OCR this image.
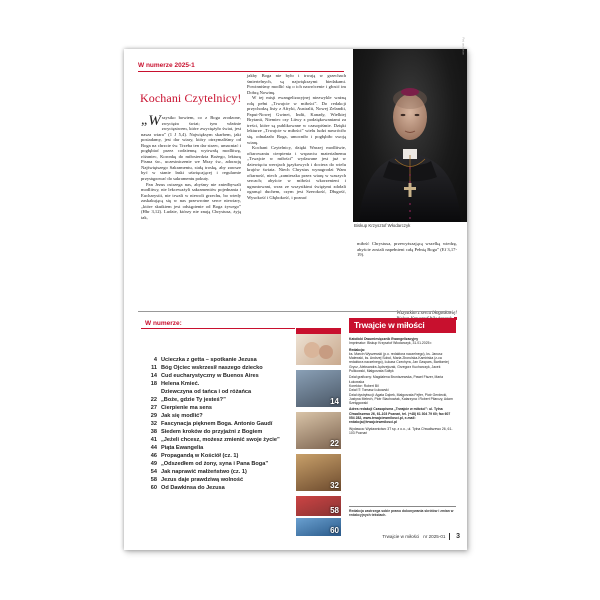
W numerze 2025-1
Kochani Czytelnicy!

„ W szystko bowiem, co z Boga zrodzone, zwycięża świat; tym właśnie zwycięstwem, które zwyciężyło świat, jest nasza wiara” (1 J 5,4). Najwięksym skarbem, jaki posiadamy, jest dar wiary, który otrzymaliśmy od Boga na chrzcie św. Trzeba ten dar strzec, umacniać i pogłębiać przez codzienną wytrwałą modlitwę, różaniec, Koronkę do miłosierdzia Bożego, lekturę Pisma św., uczestniczenie we Mszy św., adorację Najświętszego Sakramentu, stałą troskę, aby zawsze być w stanie łaski uświęcającej i regularnie przystępować do sakramentu pokuty.

Pan Jezus ostrzega nas, abyśmy nie zniedbywali modlitwy, nie lekceważyli sakramentów pojednania i Eucharystii, nie trwali w niewoli grzechu, bo wtedy zaskakującą się w nas przewrotne serce niewiary, „które skutkiem jest odstąpienie od Boga żywego” (Hbr 3,12). Ludzie, którzy nie znają Chrystusa, żyją tak,

jakby Boga nie było i trwają w grzechach śmiertelnych, są największymi biedakami. Powinniśmy modlić się o ich nawrócenie i głosić im Dobrą Nowinę.

W tej misji ewangelizacyjnej niezwykle ważną rolę pełni „Trwajcie w miłości”. Do redakcji przychodzą listy z Afryki, Australii, Nowej Zelandii, Papui-Nowej Gwinei, Indii, Kanady, Wielkiej Brytanii, Niemiec czy Litwy z podziękowaniami za treści, które są publikowane w czasopiśmie. Dzięki lekturze „Trwajcie w miłości” wielu ludzi nawróciło się, odnalazło Boga, umocniło i pogłębiło swoją wiarę.

Kochani Czytelnicy, dzięki Waszej modlitwie, ofiarowaniu cierpienia i wsparciu materialnemu „Trwajcie w miłości” wydawane jest już w dziewięciu wersjach językowych i dociera do wielu krajów świata. Niech Chrystus wynagrodzi Wam ofiarność, niech „zamieszka przez wiarę w waszych sercach; abyście w miłości wkorzenieni i ugruntowani, wraz ze wszystkimi świętymi zdołali ogarnąć duchem, czym jest Szerokość, Długość, Wysokość i Głębokość, i poznać

Fot. archiwum
Biskup Krzysztof Włodarczyk

miłość Chrystusa, przewyższającą wszelką wiedzę, abyście zostali napełnieni całą Pełnią Boga” (Ef 3,17-19).

Wszystkim z serca błogosławię!
W numerze:
4 Ucieczka z getta – spotkanie Jezusa
11 Bóg Ojciec wskrzesił naszego dziecko
14 Cud eucharystyczny w Buenos Aires
18 Helena Kmieć.
Dziewczyna od tańca i od różańca
22 „Boże, gdzie Ty jesteś?”
27 Cierpienie ma sens
29 Jak się modlić?
32 Fascynacja pięknem Boga. Antonio Gaudí
38 Siedem kroków do przyjaźni z Bogiem
41 „Jeżeli chcesz, możesz zmienić swoje życie”
44 Piąta Ewangelia
46 Propagandą w Kościół (cz. 1)
49 „Odszedłem od żony, syna i Pana Boga”
54 Jak naprawić małżeństwo (cz. 1)
58 Jezus daje prawdziwą wolność
60 Od Dawkinsa do Jezusa
14
22
32
58
60
Trwajcie w miłości
Katolicki Dwumiesięcznik Ewangelizacyjny
Imprimatur: Biskup Krzysztof Włodarczyk, 31.01.2025 r.
Redakcja:
ks. Marcin Wyszewski (p.o. redaktora naczelnego), ks. Janusz Malewski, ks. Andrzej Sobol, Maria Zborulska-Kamińska (z-ca redaktora naczelnego), Łukasz Czechyra, Jan Gaspars, Bartłomiej Grycz, Aleksandra Jędrzejczak, Grzegorz Kucharczyk, Jacek Pulikowski, Małgorzata Sołtyk
Dział graficzny: Magdalena Broniszewska, Paweł Fiszer, Maria Łukowska
Korektor: Robert Bil
Dział IT: Tomasz Łukowski
Dział dystrybucji: Agata Dąbek, Małgorzata Fejfer, Piotr Gerdecki, Justyna Melech, Piotr Stachowiak, Katarzyna i Robert Pilarczy, Adam Szelęgowski
Adres redakcji Czasopisma „Trwajcie w miłości”: ul. Tylna Chwaliszewo 26, 61-103 Poznań, tel. (+48) 61 304 79 60; fax 607 054 282, www.trwajciewmilosci.pl, e-mail: redakcja@trwajciewmilosci.pl
Wydawca: Wydawnictwo 3T sp. z o.o., ul. Tylna Chwaliszewo 26, 61-103 Poznań
Redakcja zastrzega sobie prawo dokonywania skrótów i zmian w redakcyjnych tekstach.
Trwajcie w miłości nr 2025-01 3
